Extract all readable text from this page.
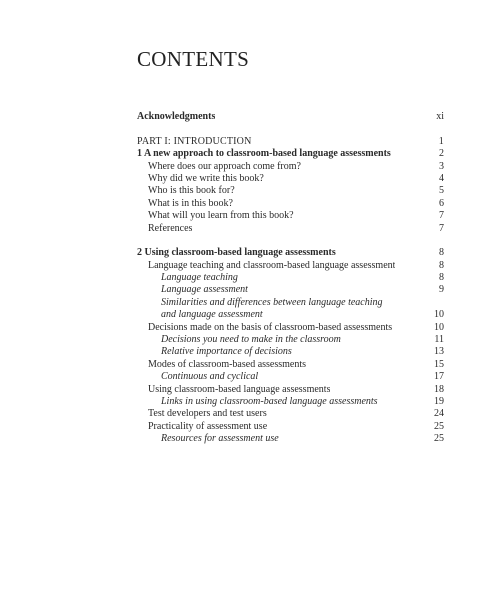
CONTENTS
Acknowledgments	xi
PART I: INTRODUCTION	1
1 A new approach to classroom-based language assessments	2
Where does our approach come from?	3
Why did we write this book?	4
Who is this book for?	5
What is in this book?	6
What will you learn from this book?	7
References	7
2 Using classroom-based language assessments	8
Language teaching and classroom-based language assessment	8
Language teaching	8
Language assessment	9
Similarities and differences between language teaching
and language assessment	10
Decisions made on the basis of classroom-based assessments	10
Decisions you need to make in the classroom	11
Relative importance of decisions	13
Modes of classroom-based assessments	15
Continuous and cyclical	17
Using classroom-based language assessments	18
Links in using classroom-based language assessments	19
Test developers and test users	24
Practicality of assessment use	25
Resources for assessment use	25
